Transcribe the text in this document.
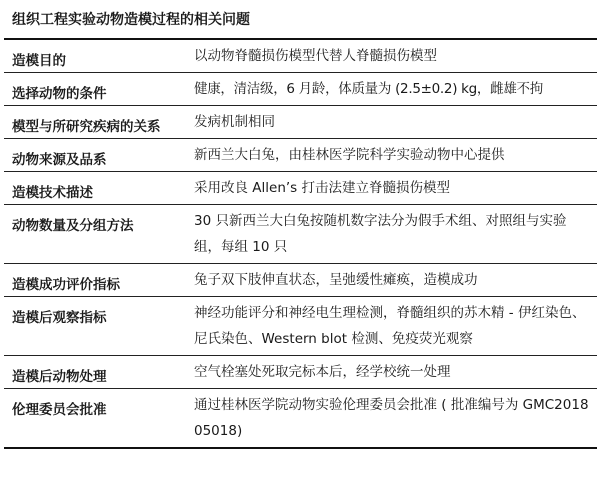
组织工程实验动物造模过程的相关问题
造模目的	以动物脊髓损伤模型代替人脊髓损伤模型
选择动物的条件	健康，清洁级，6 月龄，体质量为 (2.5±0.2) kg，雌雄不拘
模型与所研究疾病的关系	发病机制相同
动物来源及品系	新西兰大白兔，由桂林医学院科学实验动物中心提供
造模技术描述	采用改良 Allen’s 打击法建立脊髓损伤模型
动物数量及分组方法	30 只新西兰大白兔按随机数字法分为假手术组、对照组与实验组，每组 10 只
造模成功评价指标	兔子双下肢伸直状态，呈弛缓性瘫痪，造模成功
造模后观察指标	神经功能评分和神经电生理检测，脊髓组织的苏木精 - 伊红染色、尼氏染色、Western blot 检测、免疫荧光观察
造模后动物处理	空气栓塞处死取完标本后，经学校统一处理
伦理委员会批准	通过桂林医学院动物实验伦理委员会批准 ( 批准编号为 GMC201805018)
